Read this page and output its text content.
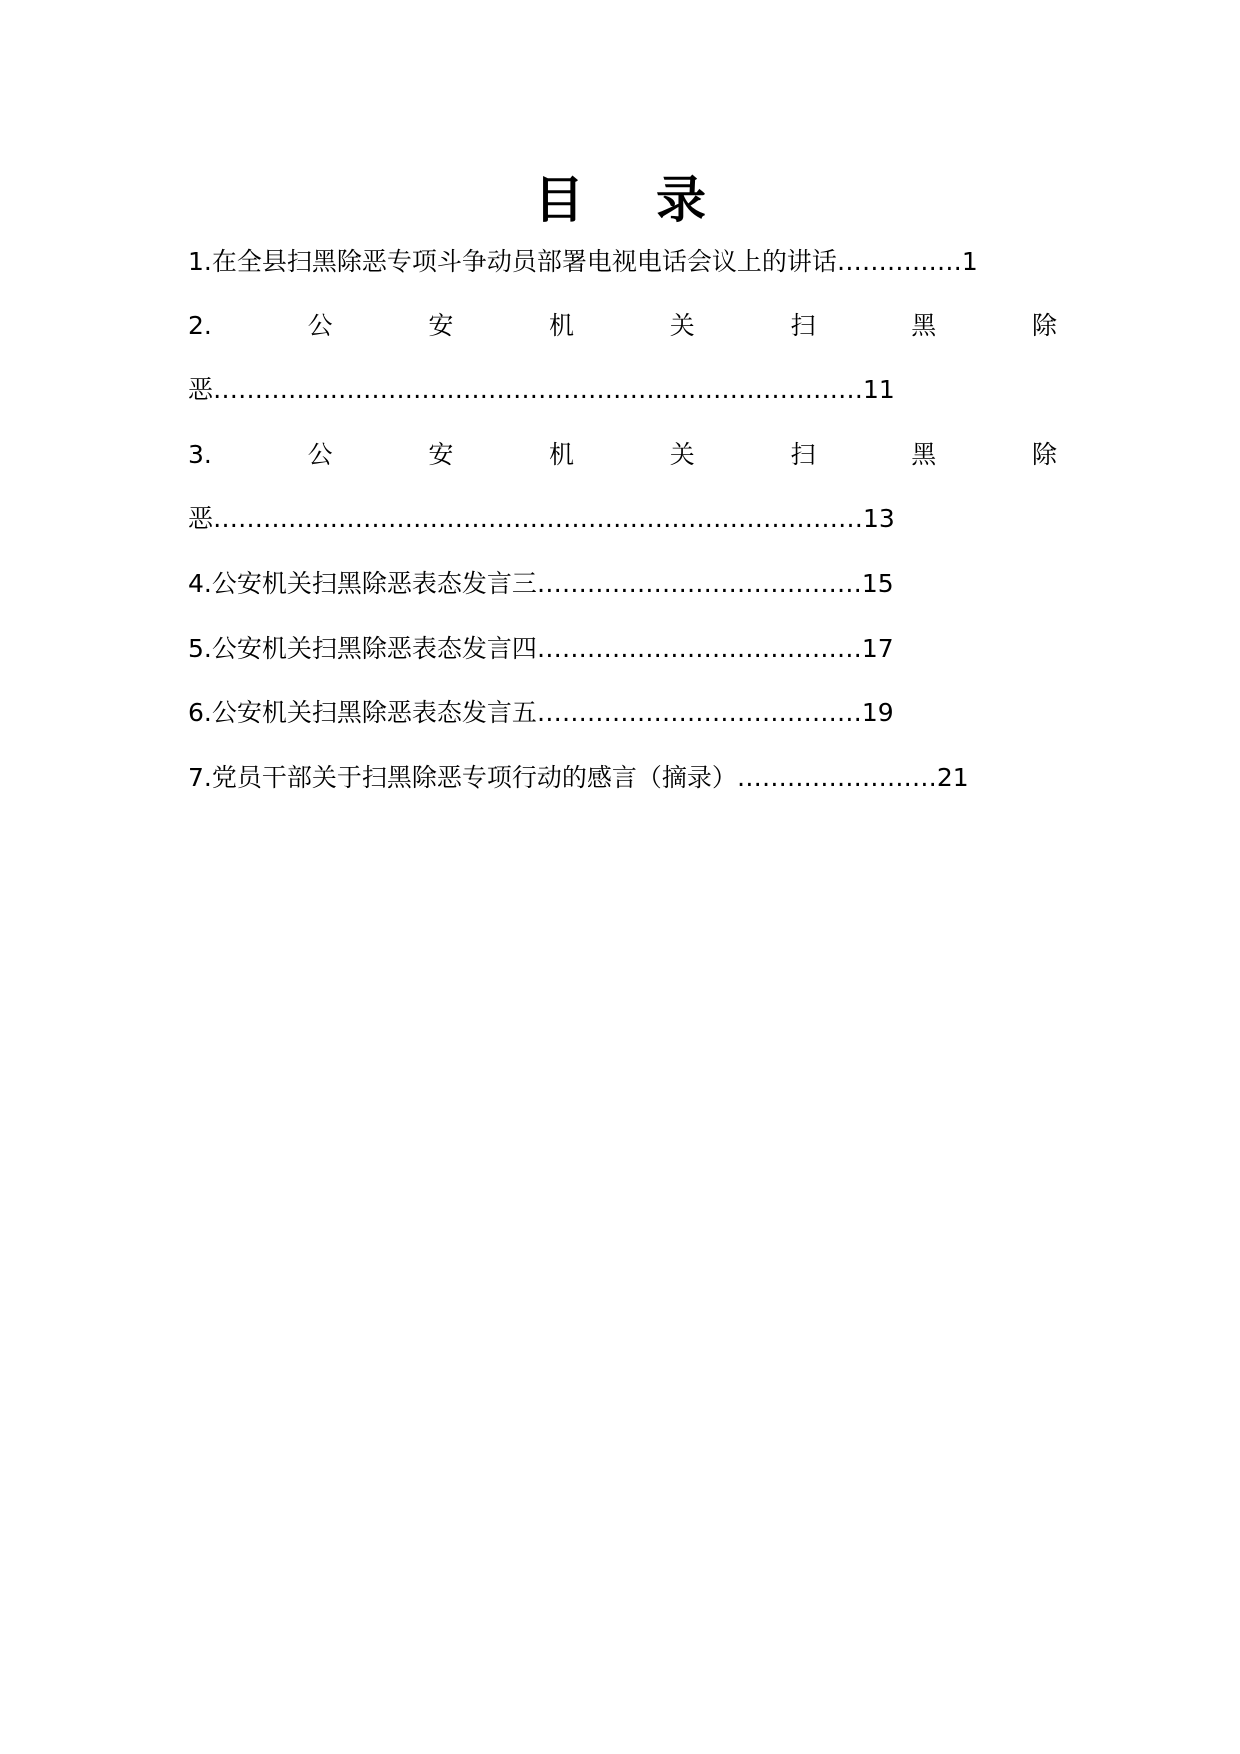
目 录
1.在全县扫黑除恶专项斗争动员部署电视电话会议上的讲话……………1
2.	公	安	机	关	扫	黑	除
恶……………………………………………………………………11
3.	公	安	机	关	扫	黑	除
恶……………………………………………………………………13
4.公安机关扫黑除恶表态发言三…………………………………15
5.公安机关扫黑除恶表态发言四…………………………………17
6.公安机关扫黑除恶表态发言五…………………………………19
7.党员干部关于扫黑除恶专项行动的感言（摘录）……………………21
